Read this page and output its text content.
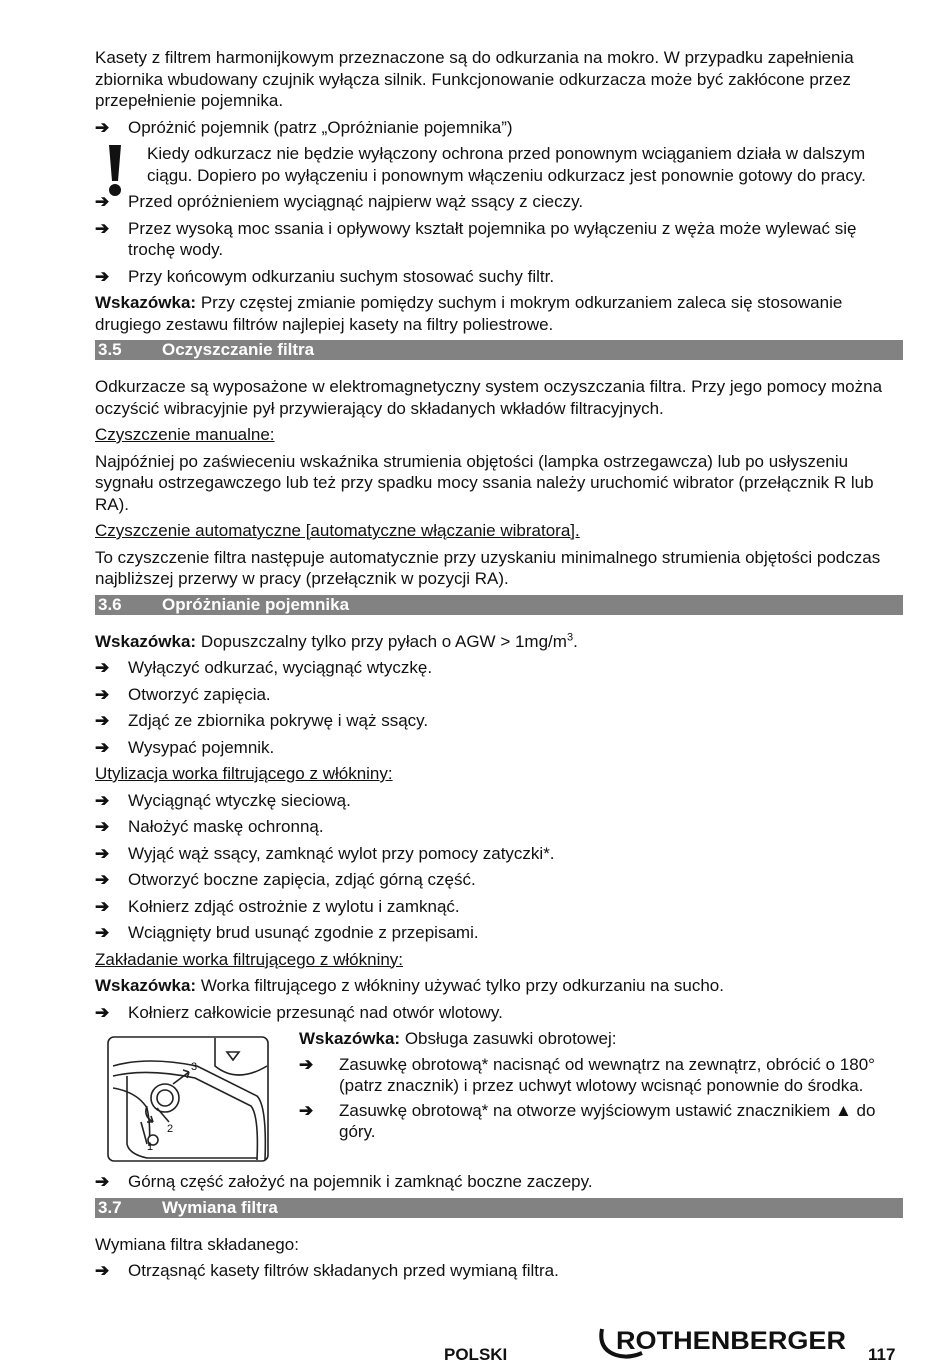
Kasety z filtrem harmonijkowym przeznaczone są do odkurzania na mokro. W przypadku zapełnienia zbiornika wbudowany czujnik wyłącza silnik. Funkcjonowanie odkurzacza może być zakłócone przez przepełnienie pojemnika.

➔ Opróżnić pojemnik (patrz „Opróżnianie pojemnika”)
Kiedy odkurzacz nie będzie wyłączony ochrona przed ponownym wciąganiem działa w dalszym ciągu. Dopiero po wyłączeniu i ponownym włączeniu odkurzacz jest ponownie gotowy do pracy.
➔ Przed opróżnieniem wyciągnąć najpierw wąż ssący z cieczy.
➔ Przez wysoką moc ssania i opływowy kształt pojemnika po wyłączeniu z węża może wylewać się trochę wody.
➔ Przy końcowym odkurzaniu suchym stosować suchy filtr.

Wskazówka: Przy częstej zmianie pomiędzy suchym i mokrym odkurzaniem zaleca się stosowanie drugiego zestawu filtrów najlepiej kasety na filtry poliestrowe.

3.5 Oczyszczanie filtra

Odkurzacze są wyposażone w elektromagnetyczny system oczyszczania filtra. Przy jego pomocy można oczyścić wibracyjnie pył przywierający do składanych wkładów filtracyjnych.

Czyszczenie manualne:

Najpóźniej po zaświeceniu wskaźnika strumienia objętości (lampka ostrzegawcza) lub po usłyszeniu sygnału ostrzegawczego lub też przy spadku mocy ssania należy uruchomić wibrator (przełącznik R lub RA).

Czyszczenie automatyczne [automatyczne włączanie wibratora].

To czyszczenie filtra następuje automatycznie przy uzyskaniu minimalnego strumienia objętości podczas najbliższej przerwy w pracy (przełącznik w pozycji RA).

3.6 Opróżnianie pojemnika

Wskazówka: Dopuszczalny tylko przy pyłach o AGW > $1mg/m^3$.

➔ Wyłączyć odkurzać, wyciągnąć wtyczkę.
➔ Otworzyć zapięcia.
➔ Zdjąć ze zbiornika pokrywę i wąż ssący.
➔ Wysypać pojemnik.

Utylizacja worka filtrującego z włókniny:

➔ Wyciągnąć wtyczkę sieciową.
➔ Nałożyć maskę ochronną.
➔ Wyjąć wąż ssący, zamknąć wylot przy pomocy zatyczki*.
➔ Otworzyć boczne zapięcia, zdjąć górną część.
➔ Kołnierz zdjąć ostrożnie z wylotu i zamknąć.
➔ Wciągnięty brud usunąć zgodnie z przepisami.

Zakładanie worka filtrującego z włókniny:

Wskazówka: Worka filtrującego z włókniny używać tylko przy odkurzaniu na sucho.

➔ Kołnierz całkowicie przesunąć nad otwór wlotowy.
3
2
1

Wskazówka: Obsługa zasuwki obrotowej:

➔ Zasuwkę obrotową* nacisnąć od wewnątrz na zewnątrz, obrócić o 180° (patrz znacznik) i przez uchwyt wlotowy wcisnąć ponownie do środka.
➔ Zasuwkę obrotową* na otworze wyjściowym ustawić znacznikiem ▲ do góry.
➔ Górną część założyć na pojemnik i zamknąć boczne zaczepy.
3.7 Wymiana filtra

Wymiana filtra składanego:

➔ Otrząsnąć kasety filtrów składanych przed wymianą filtra.
POLSKI	ROTHENBERGER 117
